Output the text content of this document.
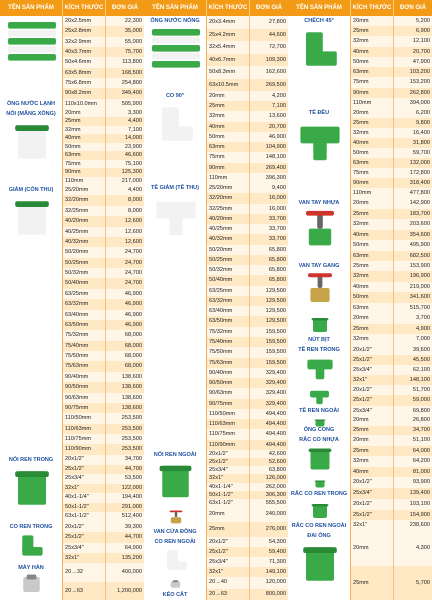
TÊN SẢN PHẨM	KÍCH THƯỚC	ĐƠN GIÁ
ỐNG NƯỚC LẠNH
20x2.5mm	22,300
25x2.8mm	35,000
32x2.9mm	55,000
40x3.7mm	75,700
50x4.6mm	113,800
63x5.8mm	168,500
75x6.8mm	254,800
90x8.2mm	349,400
110x10.0mm	505,900
NỐI (MĂNG XÔNG)	20mm	3,300
25mm	4,400
32mm	7,100
40mm	14,000
50mm	23,900
63mm	46,600
75mm	75,100
90mm	125,300
110mm	217,000
GIẢM (CÔN THU)	25/20mm	4,400
32/20mm	8,000
32/25mm	8,000
40/20mm	12,600
40/25mm	12,600
40/32mm	12,600
50/20mm	24,700
50/25mm	24,700
50/32mm	24,700
50/40mm	24,700
63/25mm	46,900
63/32mm	46,900
63/40mm	46,900
63/50mm	46,900
75/32mm	68,000
75/40mm	68,000
75/50mm	68,000
75/63mm	68,000
90/40mm	138,600
90/50mm	138,600
90/63mm	138,600
90/75mm	138,600
110/50mm	253,500
110/63mm	253,500
110/75mm	253,500
110/90mm	253,500
NỐI REN TRONG	20x1/2"	34,700
25x1/2"	44,700
25x3/4"	53,500
32x1"	122,000
40x1-1/4"	194,400
50x1-1/2"	291,000
63x1-1/2"	512,400
CO REN TRONG	20x1/2"	39,300
25x1/2"	44,700
25x3/4"	64,900
32x1"	135,200
MÁY HÀN
20→32	400,000
20→63	1,200,000
TÊN SẢN PHẨM	KÍCH THƯỚC	ĐƠN GIÁ
ỐNG NƯỚC NÓNG	20x3.4mm	27,800
25x4.2mm	44,600
32x5.4mm	72,700
40x6.7mm	109,300
50x8.3mm	162,600
63x10.5mm	269,500
CO 90°	20mm	4,200
25mm	7,100
32mm	13,600
40mm	20,700
50mm	46,900
63mm	104,900
75mm	148,100
90mm	269,400
110mm	396,300
TÊ GIẢM (TÊ THU)	25/20mm	9,400
32/20mm	16,000
32/25mm	16,000
40/20mm	33,700
40/25mm	33,700
40/32mm	33,700
50/20mm	65,800
50/25mm	65,800
50/32mm	65,800
50/40mm	65,800
63/25mm	129,500
63/32mm	129,500
63/40mm	129,500
63/50mm	129,500
75/32mm	159,500
75/40mm	159,500
75/50mm	159,500
75/63mm	159,500
90/40mm	329,400
90/50mm	329,400
90/63mm	329,400
90/75mm	329,400
110/50mm	494,400
110/63mm	494,400
110/75mm	494,400
110/90mm	494,400
NỐI REN NGOÀI	20x1/2"	42,600
25x1/2"	52,600
25x3/4"	63,800
32x1"	126,000
40x1-1/4"	262,000
50x1-1/2"	306,300
63x1-1/2"	555,500
VAN CỬA ĐỒNG
20mm	240,000
25mm	276,000
CO REN NGOÀI	20x1/2"	54,300
25x1/2"	59,400
25x3/4"	71,300
32x1"	149,100
KÉO CẮT
20→40	120,000
20→63	800,000
TÊN SẢN PHẨM	KÍCH THƯỚC	ĐƠN GIÁ
CHẾCH 45°	20mm	5,200
25mm	6,900
32mm	12,100
40mm	20,700
50mm	47,900
63mm	103,200
75mm	153,200
90mm	262,800
110mm	394,000
TÊ ĐỀU	20mm	6,200
25mm	9,800
32mm	16,400
40mm	31,800
50mm	59,700
63mm	132,000
75mm	172,800
90mm	318,400
110mm	477,800
VAN TAY NHỰA	20mm	142,900
25mm	183,700
32mm	203,600
40mm	354,600
50mm	495,900
63mm	682,500
VAN TAY GANG	25mm	153,900
32mm	196,900
40mm	219,000
50mm	341,600
63mm	515,700
NÚT BỊT
20mm	3,700
25mm	4,900
32mm	7,000
TÊ REN TRONG	20x1/2"	39,600
25x1/2"	45,500
25x3/4"	62,100
32x1"	148,100
TÊ REN NGOÀI
20x1/2"	51,700
25x1/2"	59,000
25x3/4"	69,800
ỐNG CONG
20mm	26,800
25mm	34,700
RẮC CO NHỰA	20mm	51,100
25mm	64,000
32mm	64,200
40mm	81,000
RẮC CO REN TRONG
20x1/2"	93,900
25x3/4"	139,400
RẮC CO REN NGOÀI
20x1/2"	103,100
25x1/2"	154,900
32x1"	238,600
ĐAI ỐNG
20mm	4,300
25mm	5,700
